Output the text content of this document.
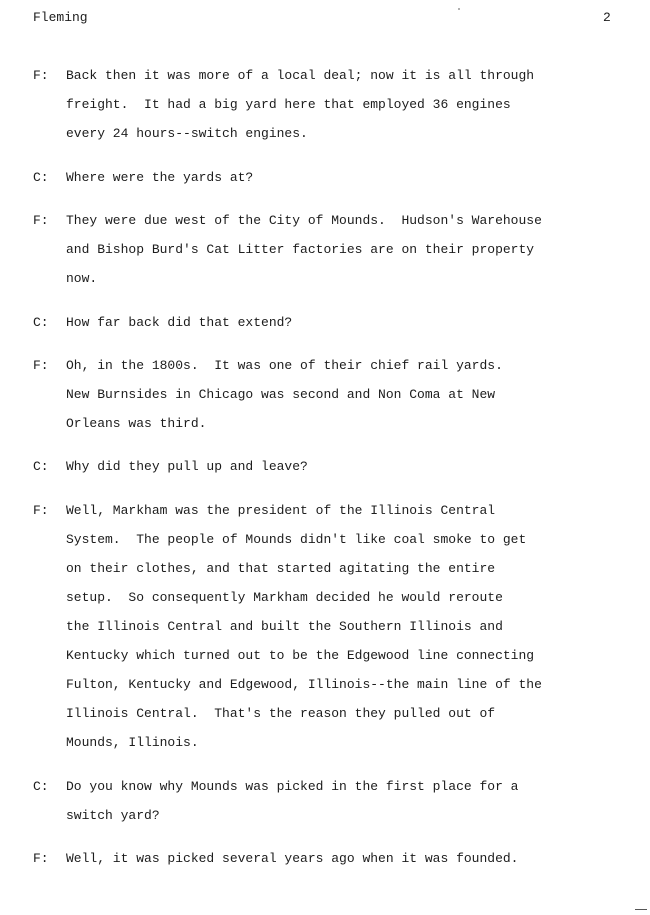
Fleming	2
F: Back then it was more of a local deal; now it is all through
freight.  It had a big yard here that employed 36 engines
every 24 hours--switch engines.
C: Where were the yards at?
F: They were due west of the City of Mounds.  Hudson's Warehouse
and Bishop Burd's Cat Litter factories are on their property
now.
C: How far back did that extend?
F: Oh, in the 1800s.  It was one of their chief rail yards.
New Burnsides in Chicago was second and Non Coma at New
Orleans was third.
C: Why did they pull up and leave?
F: Well, Markham was the president of the Illinois Central
System.  The people of Mounds didn't like coal smoke to get
on their clothes, and that started agitating the entire
setup.  So consequently Markham decided he would reroute
the Illinois Central and built the Southern Illinois and
Kentucky which turned out to be the Edgewood line connecting
Fulton, Kentucky and Edgewood, Illinois--the main line of the
Illinois Central.  That's the reason they pulled out of
Mounds, Illinois.
C: Do you know why Mounds was picked in the first place for a
switch yard?
F: Well, it was picked several years ago when it was founded.
